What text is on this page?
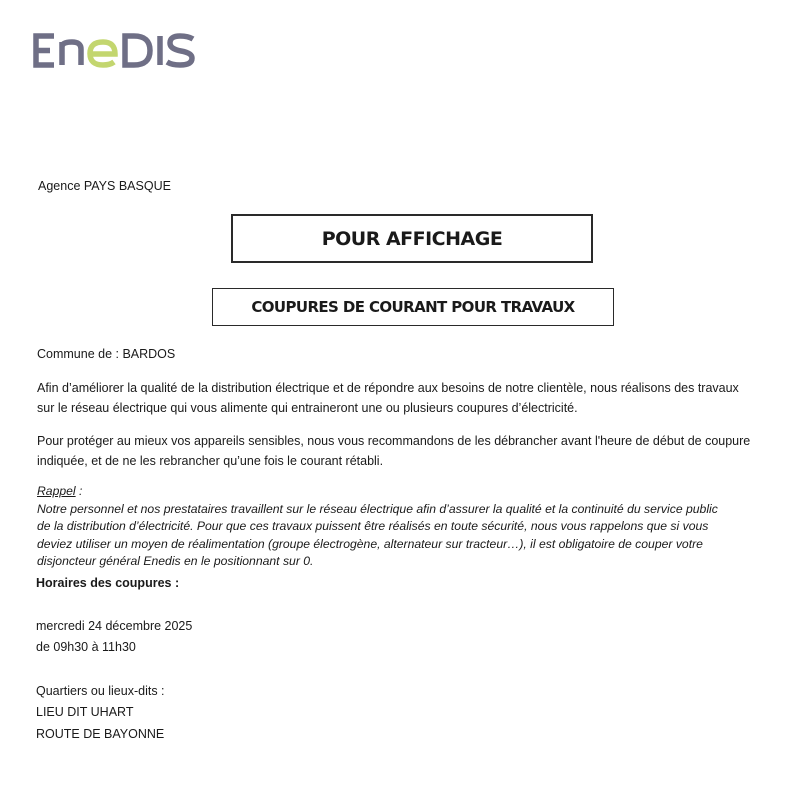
Agence PAYS BASQUE
POUR AFFICHAGE
COUPURES DE COURANT POUR TRAVAUX
Commune de : BARDOS
Afin d’améliorer la qualité de la distribution électrique et de répondre aux besoins de notre clientèle, nous réalisons des travaux
sur le réseau électrique qui vous alimente qui entraineront une ou plusieurs coupures d’électricité.
Pour protéger au mieux vos appareils sensibles, nous vous recommandons de les débrancher avant l'heure de début de coupure
indiquée, et de ne les rebrancher qu’une fois le courant rétabli.
Rappel :
Notre personnel et nos prestataires travaillent sur le réseau électrique afin d’assurer la qualité et la continuité du service public
de la distribution d’électricité. Pour que ces travaux puissent être réalisés en toute sécurité, nous vous rappelons que si vous
deviez utiliser un moyen de réalimentation (groupe électrogène, alternateur sur tracteur…), il est obligatoire de couper votre
disjoncteur général Enedis en le positionnant sur 0.
Horaires des coupures :
mercredi 24 décembre 2025
de 09h30 à 11h30
Quartiers ou lieux-dits :
LIEU DIT UHART
ROUTE DE BAYONNE
